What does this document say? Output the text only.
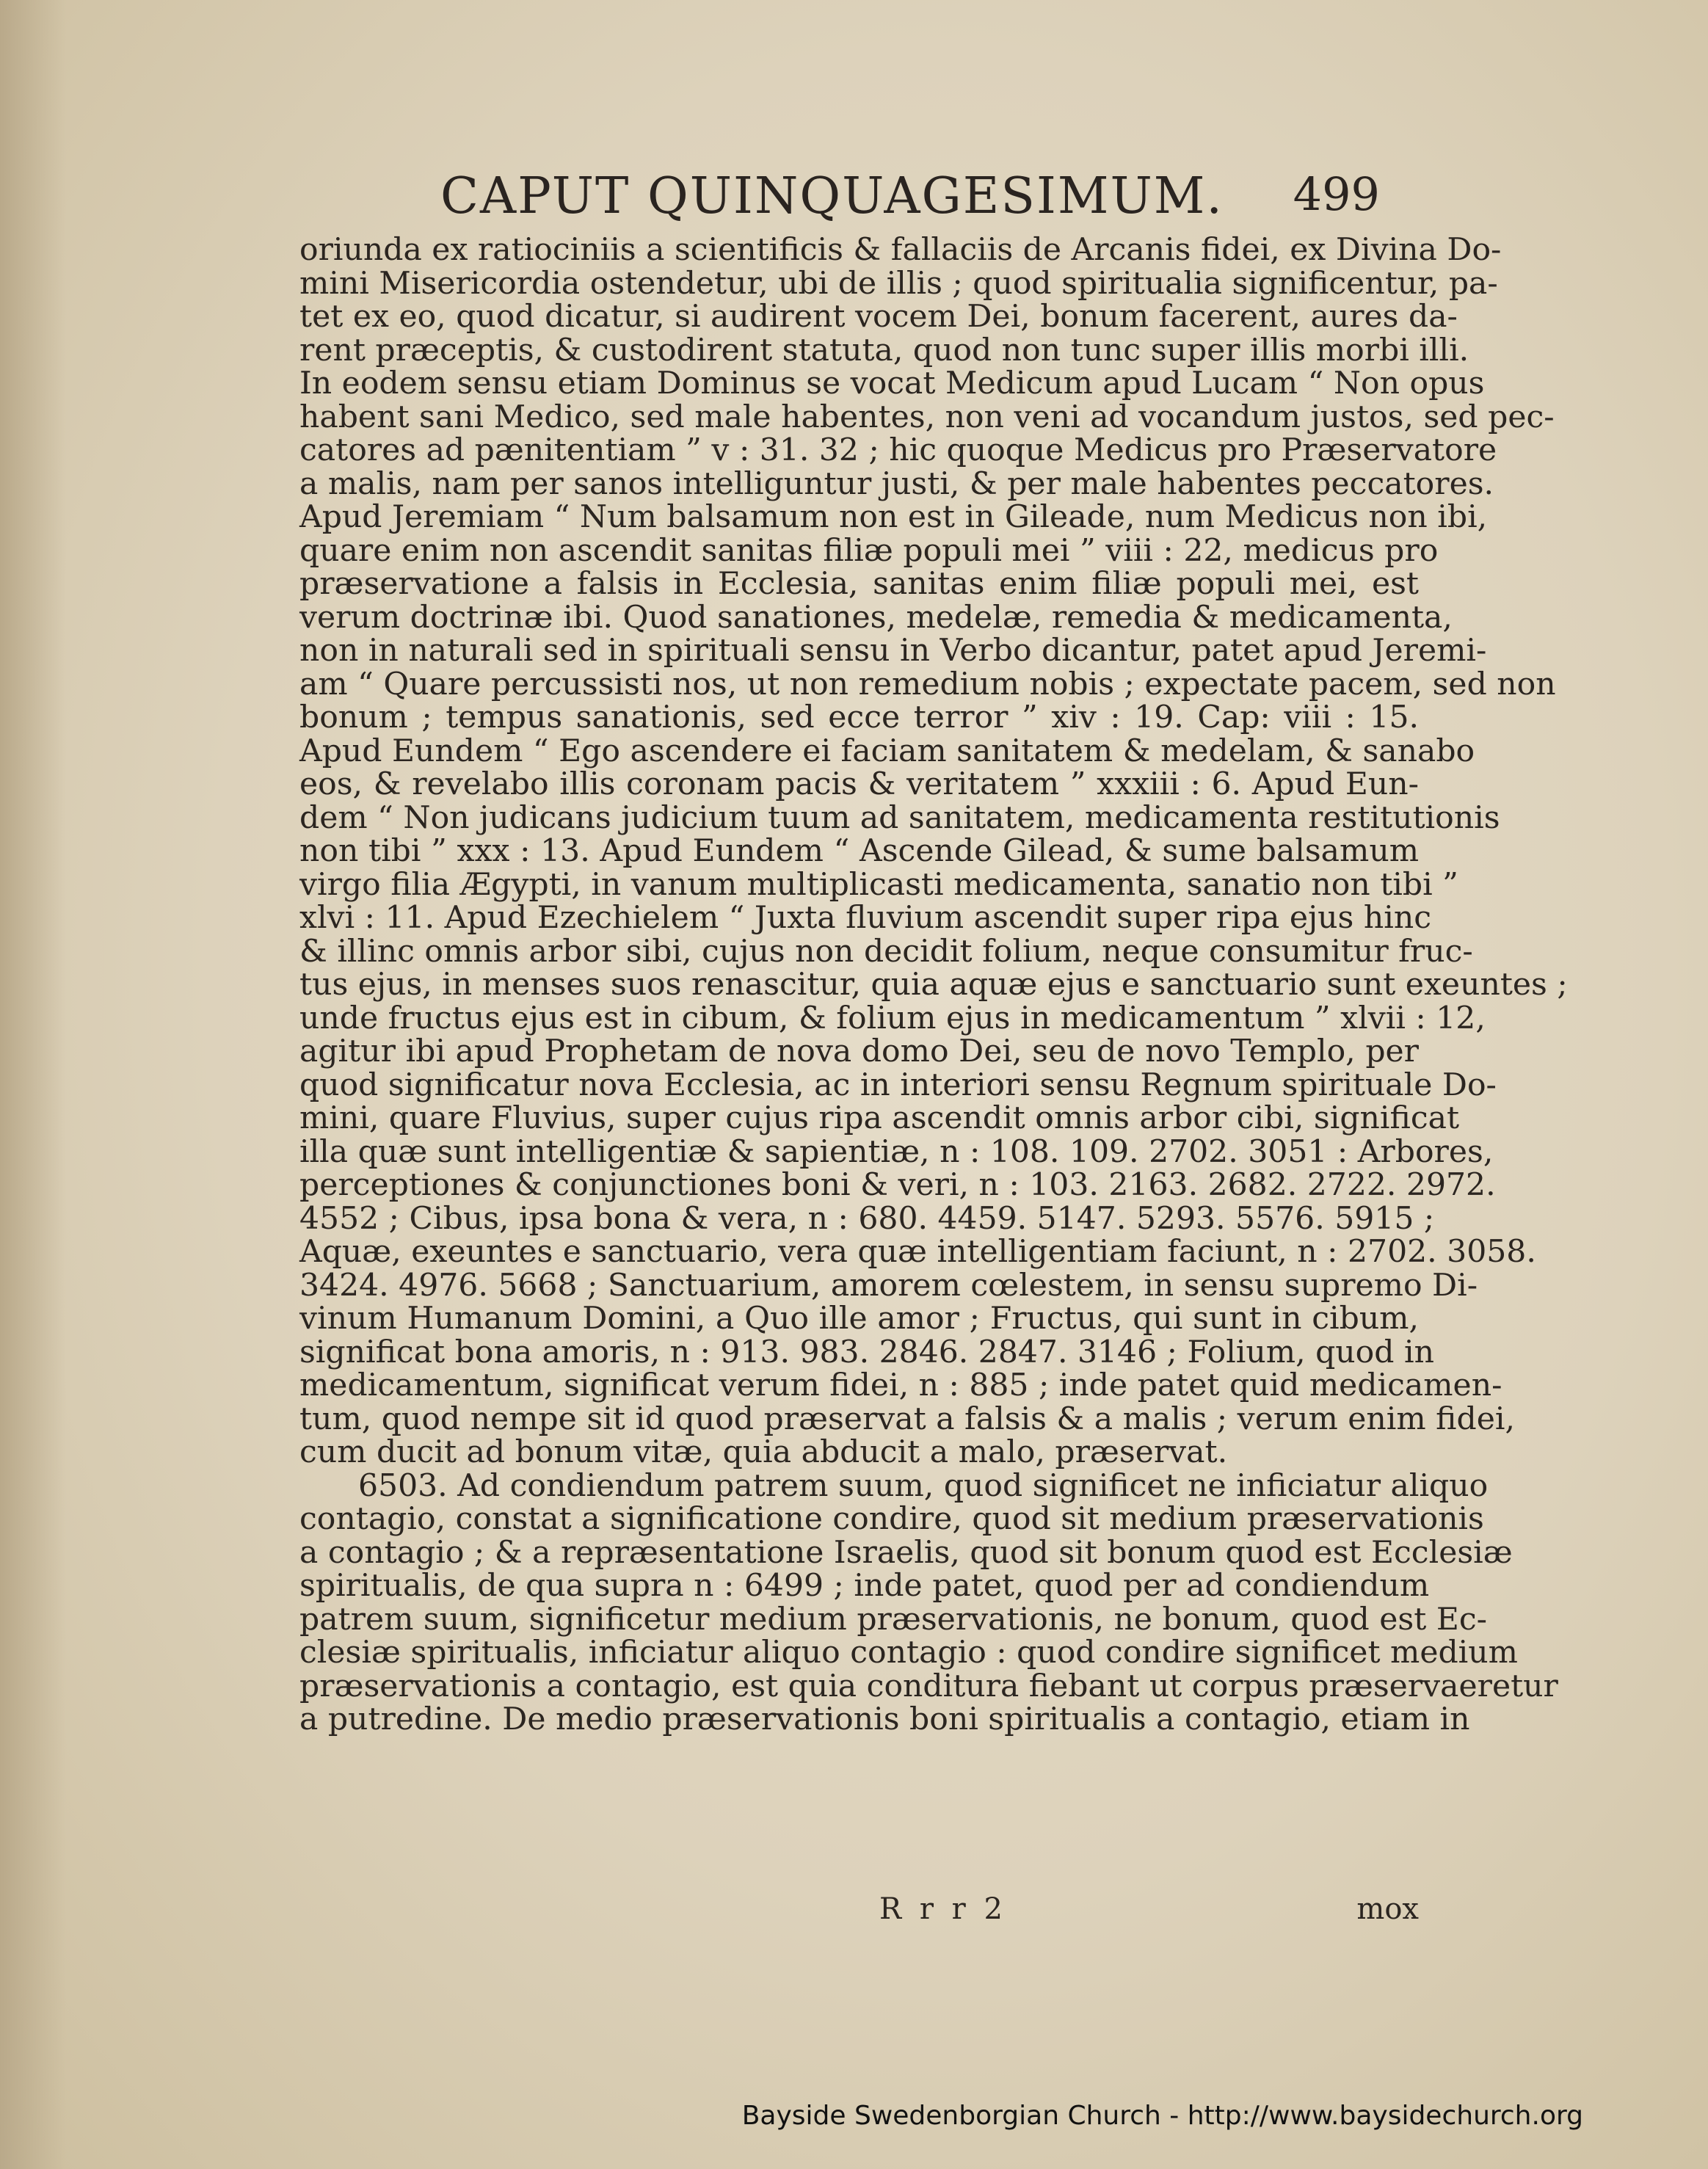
CAPUT QUINQUAGESIMUM. 499
oriunda ex ratiociniis a scientificis & fallaciis de Arcanis fidei, ex Divina Do-
mini Misericordia ostendetur, ubi de illis ; quod spiritualia significentur, pa-
tet ex eo, quod dicatur, si audirent vocem Dei, bonum facerent, aures da-
rent præceptis, & custodirent statuta, quod non tunc super illis morbi illi.
In eodem sensu etiam Dominus se vocat Medicum apud Lucam “ Non opus
habent sani Medico, sed male habentes, non veni ad vocandum justos, sed pec-
catores ad pænitentiam ” v : 31. 32 ; hic quoque Medicus pro Præservatore
a malis, nam per sanos intelliguntur justi, & per male habentes peccatores.
Apud Jeremiam “ Num balsamum non est in Gileade, num Medicus non ibi,
quare enim non ascendit sanitas filiæ populi mei ” viii : 22, medicus pro
præservatione a falsis in Ecclesia, sanitas enim filiæ populi mei, est
verum doctrinæ ibi. Quod sanationes, medelæ, remedia & medicamenta,
non in naturali sed in spirituali sensu in Verbo dicantur, patet apud Jeremi-
am “ Quare percussisti nos, ut non remedium nobis ; expectate pacem, sed non
bonum ; tempus sanationis, sed ecce terror ” xiv : 19. Cap: viii : 15.
Apud Eundem “ Ego ascendere ei faciam sanitatem & medelam, & sanabo
eos, & revelabo illis coronam pacis & veritatem ” xxxiii : 6. Apud Eun-
dem “ Non judicans judicium tuum ad sanitatem, medicamenta restitutionis
non tibi ” xxx : 13. Apud Eundem “ Ascende Gilead, & sume balsamum
virgo filia Ægypti, in vanum multiplicasti medicamenta, sanatio non tibi ”
xlvi : 11. Apud Ezechielem “ Juxta fluvium ascendit super ripa ejus hinc
& illinc omnis arbor sibi, cujus non decidit folium, neque consumitur fruc-
tus ejus, in menses suos renascitur, quia aquæ ejus e sanctuario sunt exeuntes ;
unde fructus ejus est in cibum, & folium ejus in medicamentum ” xlvii : 12,
agitur ibi apud Prophetam de nova domo Dei, seu de novo Templo, per
quod significatur nova Ecclesia, ac in interiori sensu Regnum spirituale Do-
mini, quare Fluvius, super cujus ripa ascendit omnis arbor cibi, significat
illa quæ sunt intelligentiæ & sapientiæ, n : 108. 109. 2702. 3051 : Arbores,
perceptiones & conjunctiones boni & veri, n : 103. 2163. 2682. 2722. 2972.
4552 ; Cibus, ipsa bona & vera, n : 680. 4459. 5147. 5293. 5576. 5915 ;
Aquæ, exeuntes e sanctuario, vera quæ intelligentiam faciunt, n : 2702. 3058.
3424. 4976. 5668 ; Sanctuarium, amorem cœlestem, in sensu supremo Di-
vinum Humanum Domini, a Quo ille amor ; Fructus, qui sunt in cibum,
significat bona amoris, n : 913. 983. 2846. 2847. 3146 ; Folium, quod in
medicamentum, significat verum fidei, n : 885 ; inde patet quid medicamen-
tum, quod nempe sit id quod præservat a falsis & a malis ; verum enim fidei,
cum ducit ad bonum vitæ, quia abducit a malo, præservat.
6503. Ad condiendum patrem suum, quod significet ne inficiatur aliquo
contagio, constat a significatione condire, quod sit medium præservationis
a contagio ; & a repræsentatione Israelis, quod sit bonum quod est Ecclesiæ
spiritualis, de qua supra n : 6499 ; inde patet, quod per ad condiendum
patrem suum, significetur medium præservationis, ne bonum, quod est Ec-
clesiæ spiritualis, inficiatur aliquo contagio : quod condire significet medium
præservationis a contagio, est quia conditura fiebant ut corpus præservaeretur
a putredine. De medio præservationis boni spiritualis a contagio, etiam in
R r r 2	mox
Bayside Swedenborgian Church - http://www.baysidechurch.org
